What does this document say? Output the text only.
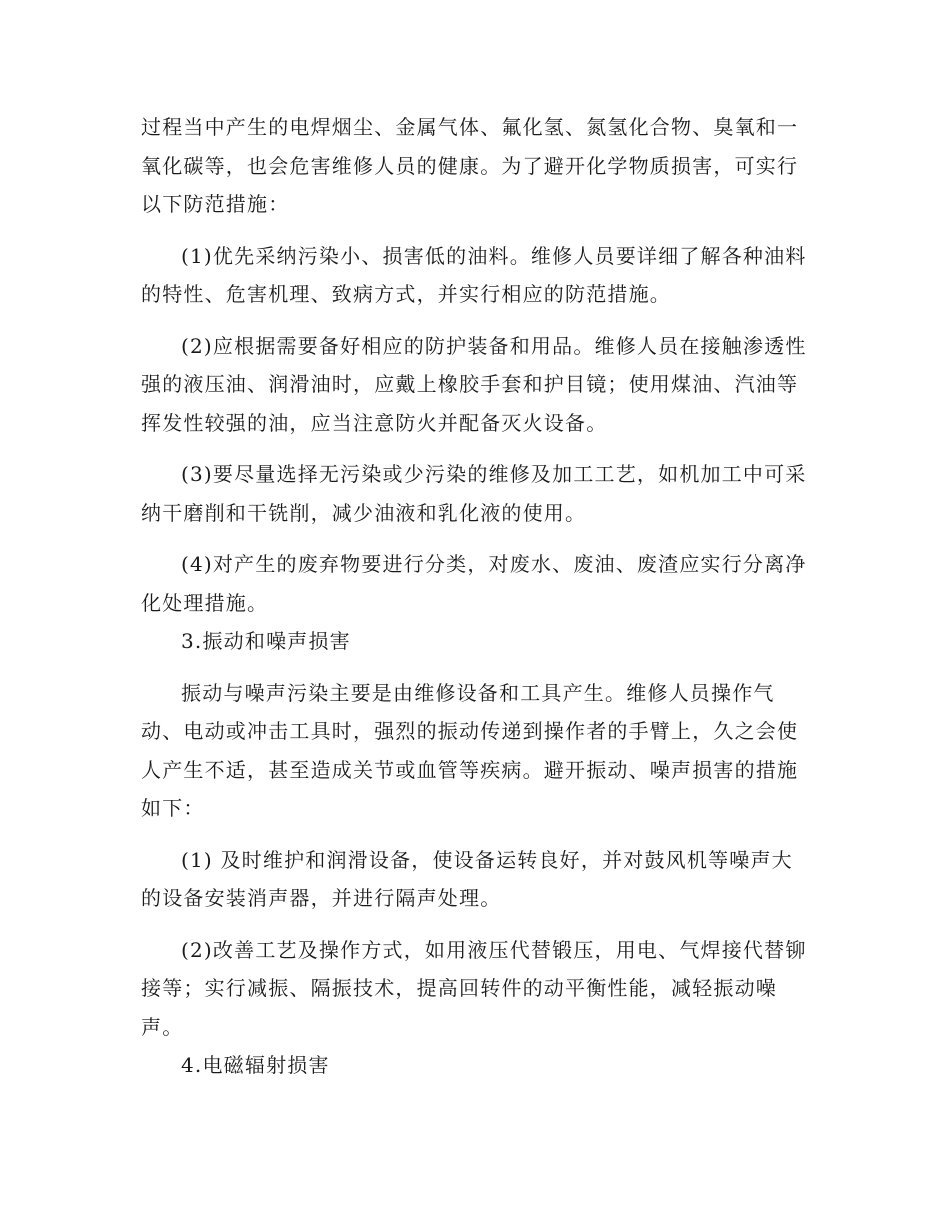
过程当中产生的电焊烟尘、金属气体、氟化氢、氮氢化合物、臭氧和一氧化碳等，也会危害维修人员的健康。为了避开化学物质损害，可实行以下防范措施：

(1)优先采纳污染小、损害低的油料。维修人员要详细了解各种油料的特性、危害机理、致病方式，并实行相应的防范措施。

(2)应根据需要备好相应的防护装备和用品。维修人员在接触渗透性强的液压油、润滑油时，应戴上橡胶手套和护目镜；使用煤油、汽油等挥发性较强的油，应当注意防火并配备灭火设备。

(3)要尽量选择无污染或少污染的维修及加工工艺，如机加工中可采纳干磨削和干铣削，减少油液和乳化液的使用。

(4)对产生的废弃物要进行分类，对废水、废油、废渣应实行分离净化处理措施。

3.振动和噪声损害

振动与噪声污染主要是由维修设备和工具产生。维修人员操作气动、电动或冲击工具时，强烈的振动传递到操作者的手臂上，久之会使人产生不适，甚至造成关节或血管等疾病。避开振动、噪声损害的措施如下：

(1) 及时维护和润滑设备，使设备运转良好，并对鼓风机等噪声大的设备安装消声器，并进行隔声处理。

(2)改善工艺及操作方式，如用液压代替锻压，用电、气焊接代替铆接等；实行减振、隔振技术，提高回转件的动平衡性能，减轻振动噪声。

4.电磁辐射损害
